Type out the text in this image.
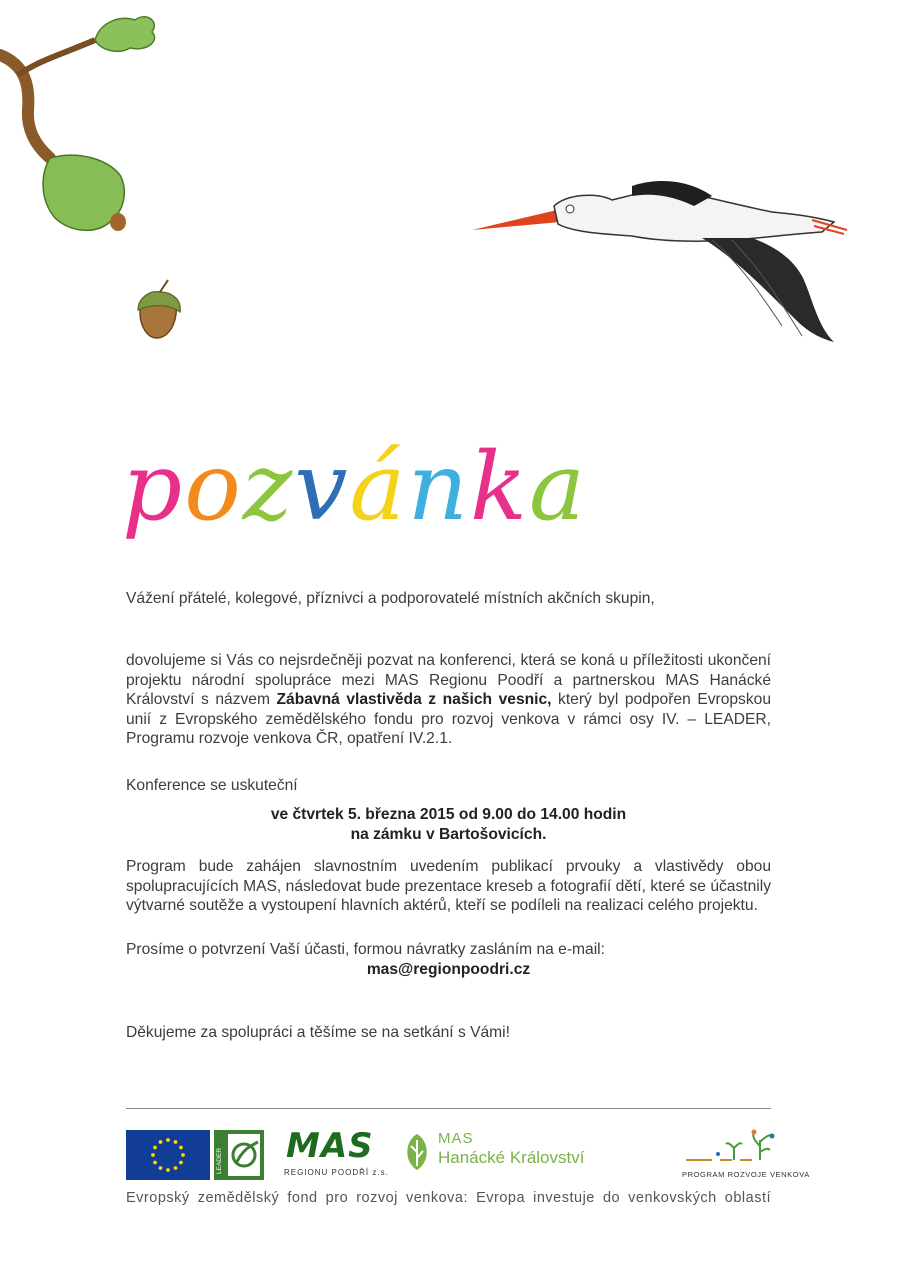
pozvánka
Vážení přátelé, kolegové, příznivci a podporovatelé místních akčních skupin,
dovolujeme si Vás co nejsrdečněji pozvat na konferenci, která se koná u příležitosti ukončení projektu národní spolupráce mezi MAS Regionu Poodří a partnerskou MAS Hanácké Království s názvem Zábavná vlastivěda z našich vesnic, který byl podpořen Evropskou unií z Evropského zemědělského fondu pro rozvoj venkova v rámci osy IV. – LEADER, Programu rozvoje venkova ČR, opatření IV.2.1.
Konference se uskuteční
ve čtvrtek 5. března 2015 od 9.00 do 14.00 hodin
na zámku v Bartošovicích.
Program bude zahájen slavnostním uvedením publikací prvouky a vlastivědy obou spolupracujících MAS, následovat bude prezentace kreseb a fotografií dětí, které se účastnily výtvarné soutěže a vystoupení hlavních aktérů, kteří se podíleli na realizaci celého projektu.
Prosíme o potvrzení Vaší účasti, formou návratky zasláním na e-mail:
mas@regionpoodri.cz
Děkujeme za spolupráci a těšíme se na setkání s Vámi!
LEADER MAS
REGIONU POODŘÍ z.s.
MAS
Hanácké Království
PROGRAM ROZVOJE VENKOVA
Evropský zemědělský fond pro rozvoj venkova: Evropa investuje do venkovských oblastí
